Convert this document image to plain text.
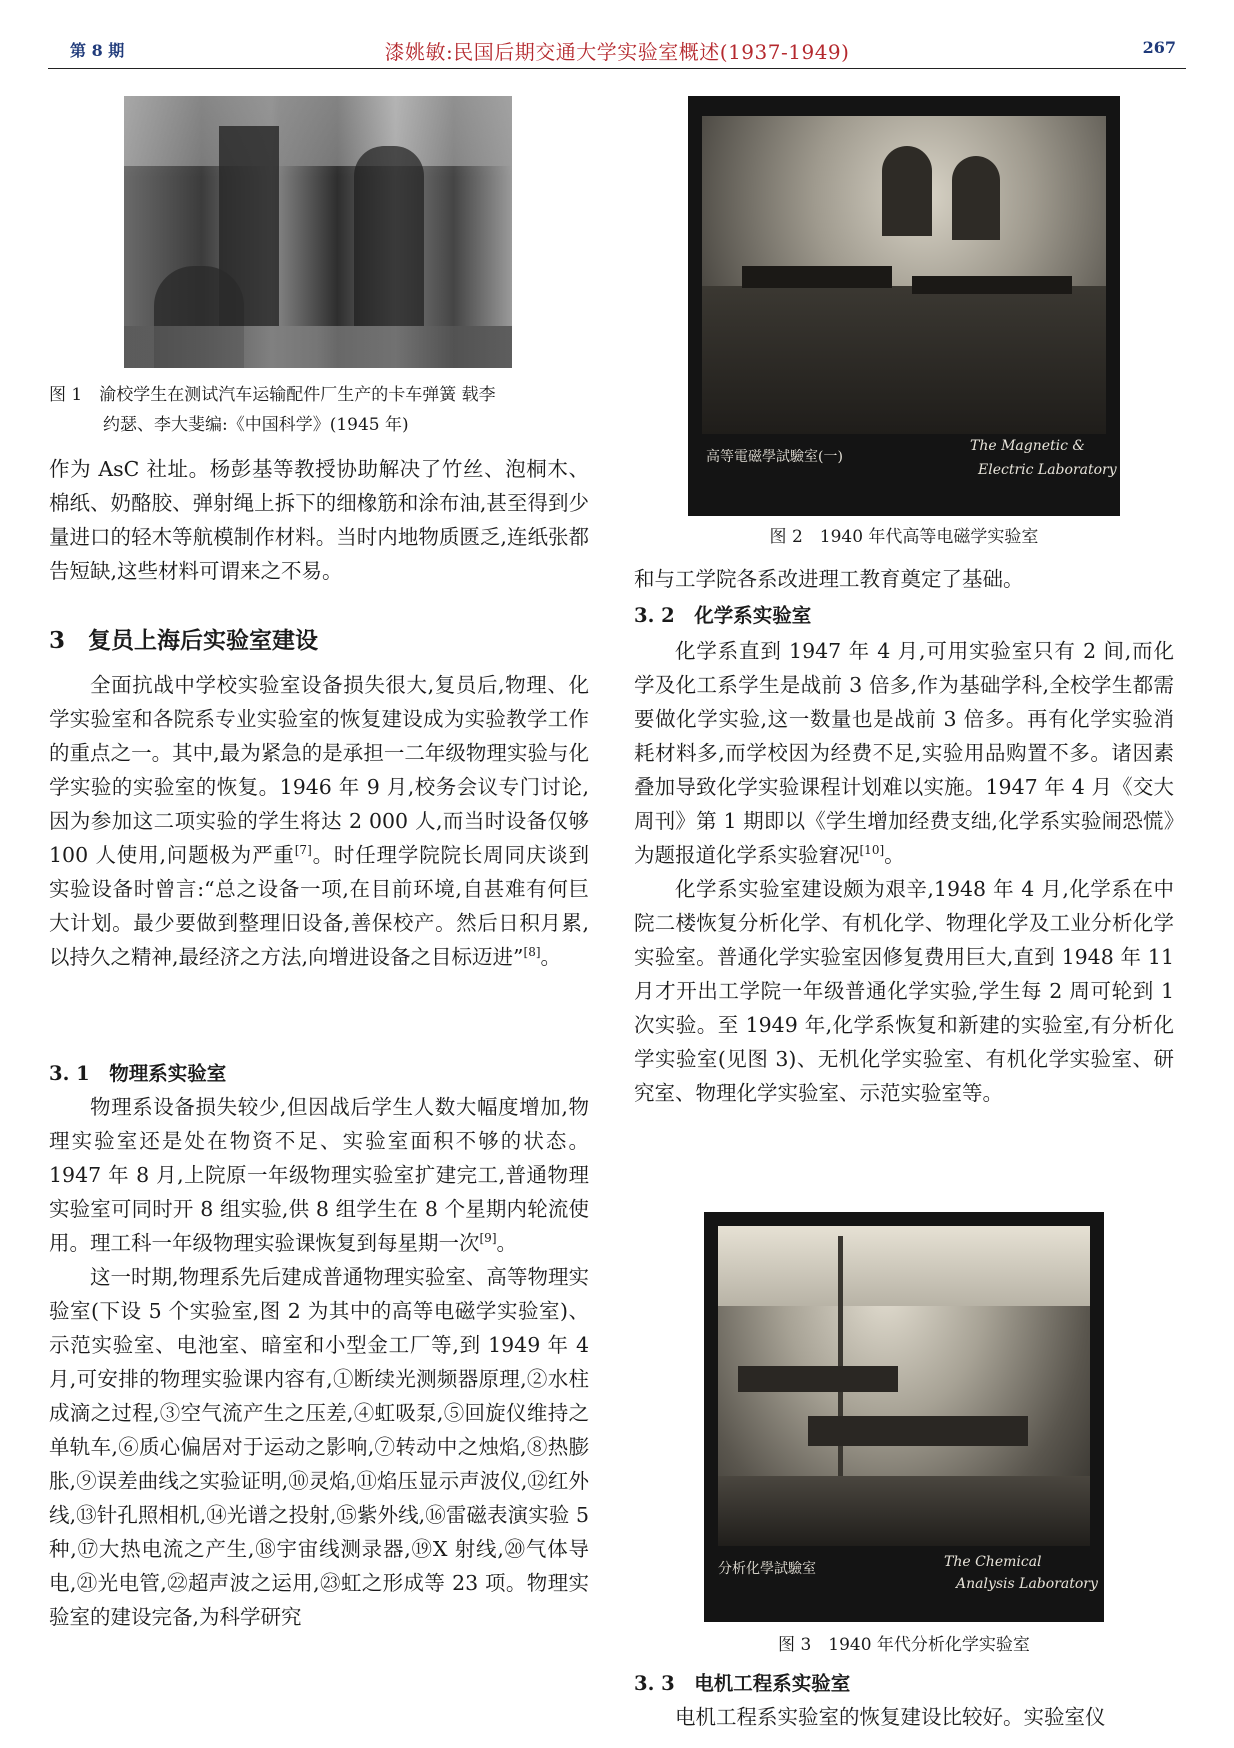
第 8 期	漆姚敏:民国后期交通大学实验室概述(1937-1949)	267
图 1　渝校学生在测试汽车运输配件厂生产的卡车弹簧 载李
约瑟、李大斐编:《中国科学》(1945 年)
高等電磁學試驗室(一)
The Magnetic &
Electric Laboratory
图 2　1940 年代高等电磁学实验室
分析化學試驗室	The Chemical
Analysis Laboratory
图 3　1940 年代分析化学实验室

作为 AsC 社址。杨彭基等教授协助解决了竹丝、泡桐木、棉纸、奶酪胶、弹射绳上拆下的细橡筋和涂布油,甚至得到少量进口的轻木等航模制作材料。当时内地物质匮乏,连纸张都告短缺,这些材料可谓来之不易。

3　复员上海后实验室建设

全面抗战中学校实验室设备损失很大,复员后,物理、化学实验室和各院系专业实验室的恢复建设成为实验教学工作的重点之一。其中,最为紧急的是承担一二年级物理实验与化学实验的实验室的恢复。1946 年 9 月,校务会议专门讨论,因为参加这二项实验的学生将达 2 000 人,而当时设备仅够 100 人使用,问题极为严重[7]。时任理学院院长周同庆谈到实验设备时曾言:“总之设备一项,在目前环境,自甚难有何巨大计划。最少要做到整理旧设备,善保校产。然后日积月累,以持久之精神,最经济之方法,向增进设备之目标迈进”[8]。

3. 1　物理系实验室

物理系设备损失较少,但因战后学生人数大幅度增加,物理实验室还是处在物资不足、实验室面积不够的状态。1947 年 8 月,上院原一年级物理实验室扩建完工,普通物理实验室可同时开 8 组实验,供 8 组学生在 8 个星期内轮流使用。理工科一年级物理实验课恢复到每星期一次[9]。

这一时期,物理系先后建成普通物理实验室、高等物理实验室(下设 5 个实验室,图 2 为其中的高等电磁学实验室)、示范实验室、电池室、暗室和小型金工厂等,到 1949 年 4 月,可安排的物理实验课内容有,①断续光测频器原理,②水柱成滴之过程,③空气流产生之压差,④虹吸泵,⑤回旋仪维持之单轨车,⑥质心偏居对于运动之影响,⑦转动中之烛焰,⑧热膨胀,⑨误差曲线之实验证明,⑩灵焰,⑪焰压显示声波仪,⑫红外线,⑬针孔照相机,⑭光谱之投射,⑮紫外线,⑯雷磁表演实验 5 种,⑰大热电流之产生,⑱宇宙线测录器,⑲X 射线,⑳气体导电,㉑光电管,㉒超声波之运用,㉓虹之形成等 23 项。物理实验室的建设完备,为科学研究

和与工学院各系改进理工教育奠定了基础。

3. 2　化学系实验室

化学系直到 1947 年 4 月,可用实验室只有 2 间,而化学及化工系学生是战前 3 倍多,作为基础学科,全校学生都需要做化学实验,这一数量也是战前 3 倍多。再有化学实验消耗材料多,而学校因为经费不足,实验用品购置不多。诸因素叠加导致化学实验课程计划难以实施。1947 年 4 月《交大周刊》第 1 期即以《学生增加经费支绌,化学系实验闹恐慌》为题报道化学系实验窘况[10]。

化学系实验室建设颇为艰辛,1948 年 4 月,化学系在中院二楼恢复分析化学、有机化学、物理化学及工业分析化学实验室。普通化学实验室因修复费用巨大,直到 1948 年 11 月才开出工学院一年级普通化学实验,学生每 2 周可轮到 1 次实验。至 1949 年,化学系恢复和新建的实验室,有分析化学实验室(见图 3)、无机化学实验室、有机化学实验室、研究室、物理化学实验室、示范实验室等。

3. 3　电机工程系实验室

电机工程系实验室的恢复建设比较好。实验室仪
